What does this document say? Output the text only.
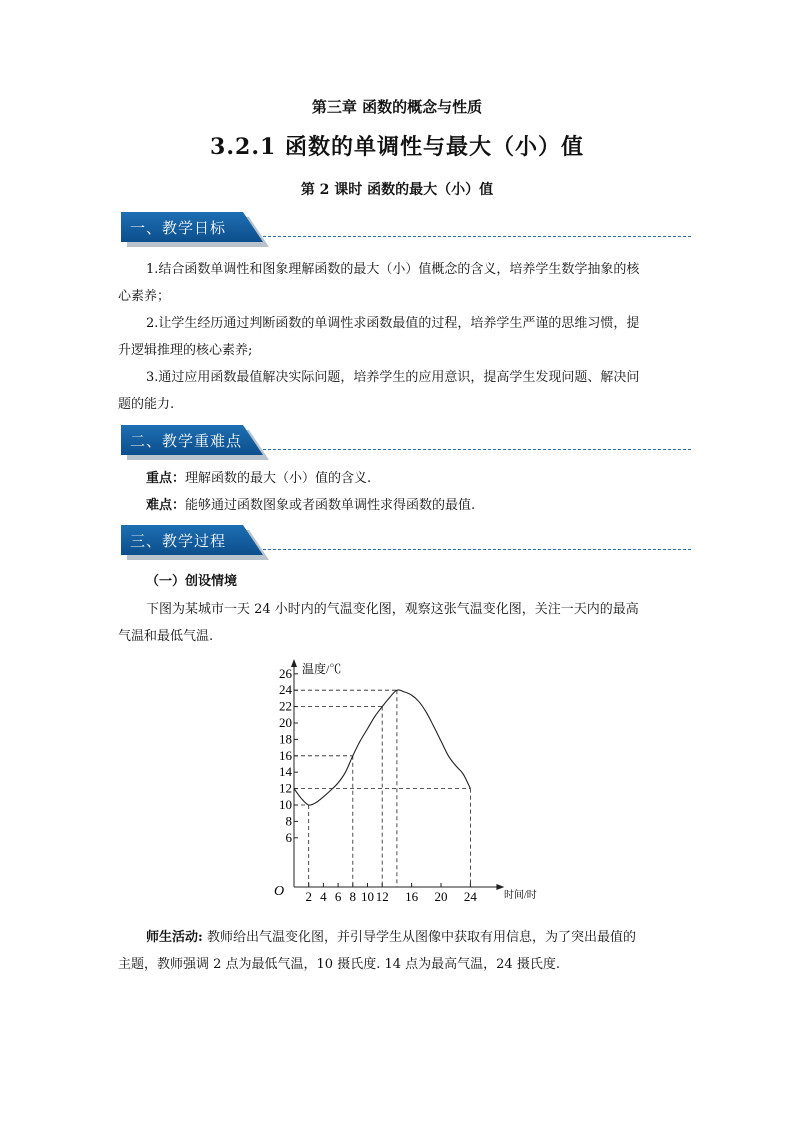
第三章 函数的概念与性质
3.2.1 函数的单调性与最大（小）值
第 2 课时 函数的最大（小）值
一、教学日标
1.结合函数单调性和图象理解函数的最大（小）值概念的含义，培养学生数学抽象的核
心素养；
2.让学生经历通过判断函数的单调性求函数最值的过程，培养学生严谨的思维习惯，提
升逻辑推理的核心素养;
3.通过应用函数最值解决实际问题，培养学生的应用意识，提高学生发现问题、解决问
题的能力.
二、教学重难点
重点：理解函数的最大（小）值的含义.
难点：能够通过函数图象或者函数单调性求得函数的最值.
三、教学过程
（一）创设情境
下图为某城市一天 24 小时内的气温变化图，观察这张气温变化图，关注一天内的最高
气温和最低气温.
6
8
10
12
14
16
18
20
22
24
26
2 4 6 8 10 12 16 20 24
温度/℃
时间/时
O
师生活动: 教师给出气温变化图，并引导学生从图像中获取有用信息，为了突出最值的
主题，教师强调 2 点为最低气温，10 摄氏度. 14 点为最高气温，24 摄氏度.
